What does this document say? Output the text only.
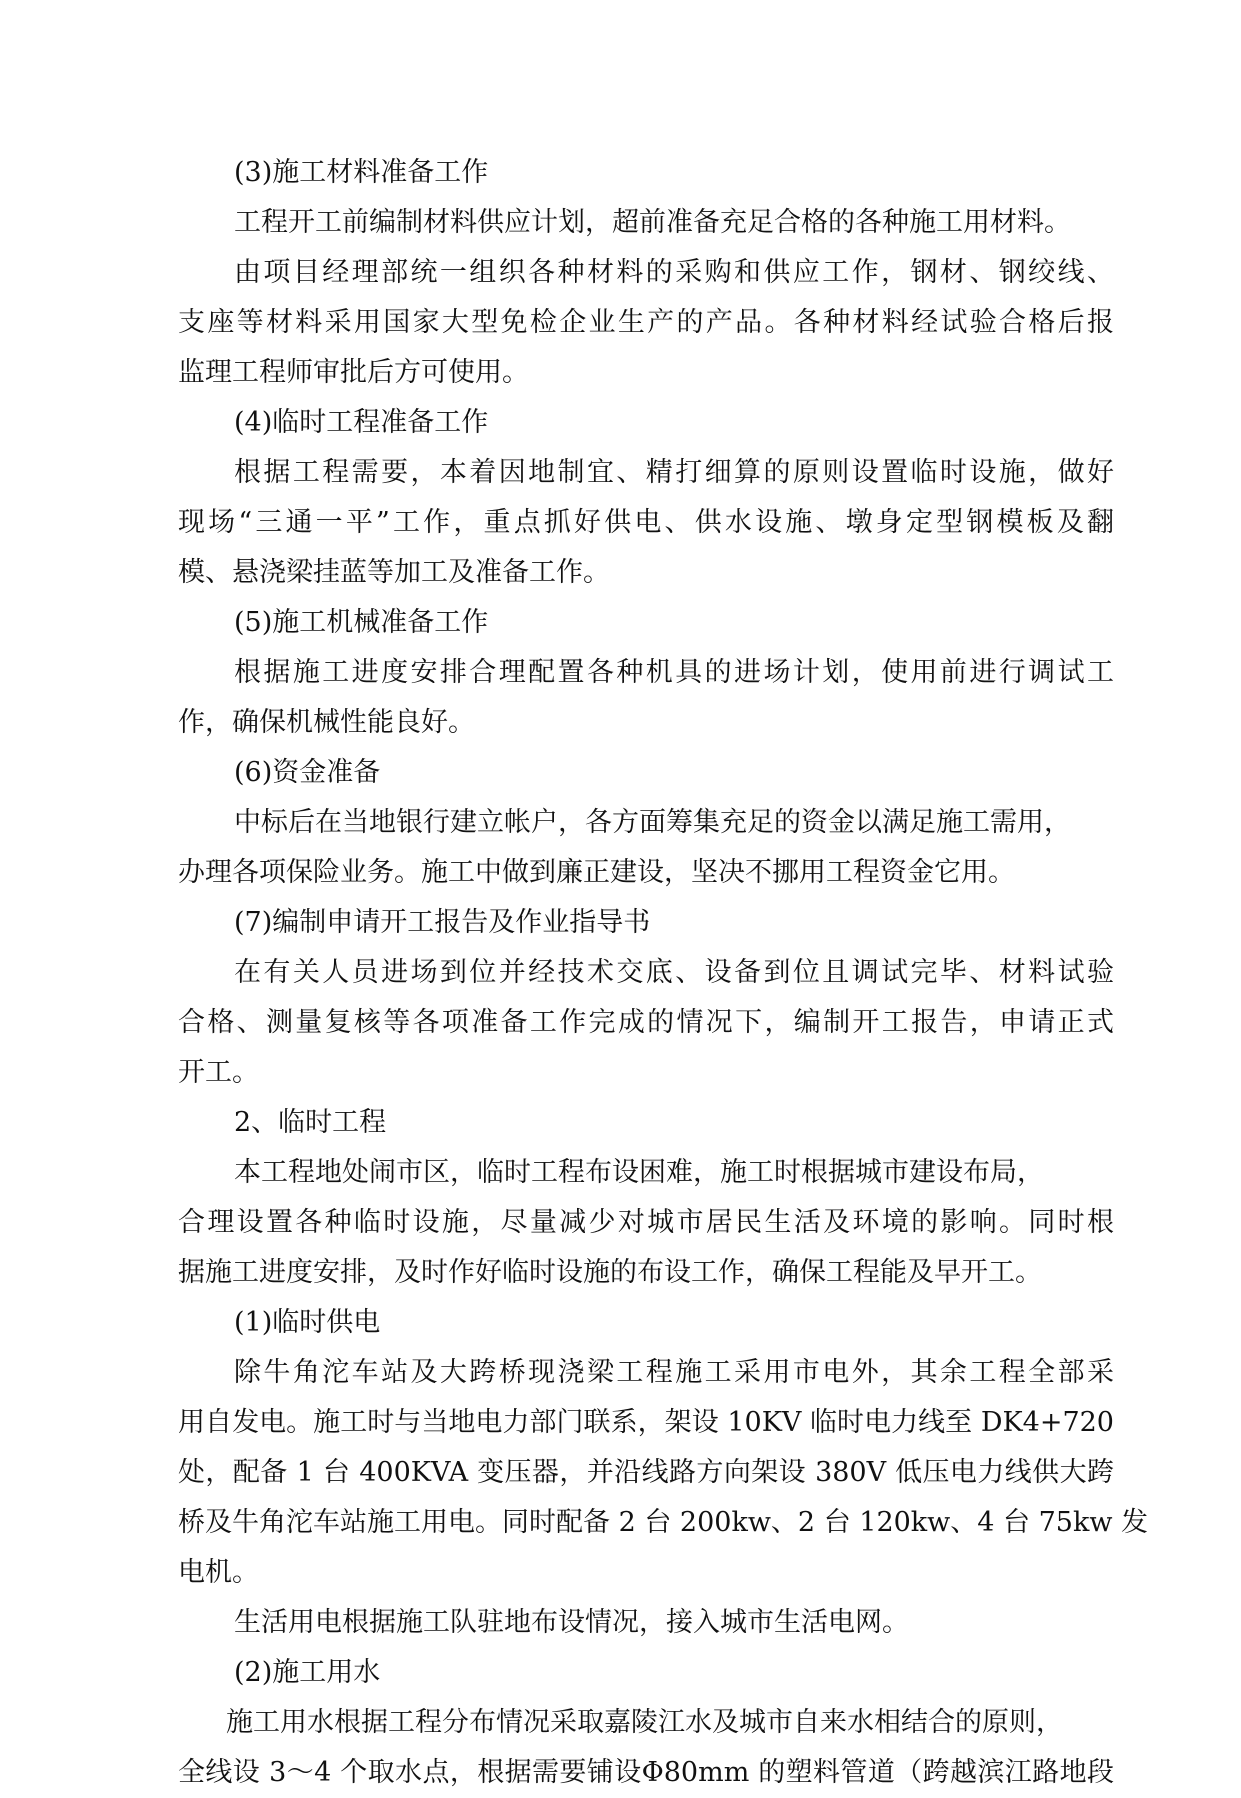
(3)施工材料准备工作
工程开工前编制材料供应计划，超前准备充足合格的各种施工用材料。
由项目经理部统一组织各种材料的采购和供应工作，钢材、钢绞线、
支座等材料采用国家大型免检企业生产的产品。各种材料经试验合格后报
监理工程师审批后方可使用。
(4)临时工程准备工作
根据工程需要，本着因地制宜、精打细算的原则设置临时设施，做好
现场“三通一平”工作，重点抓好供电、供水设施、墩身定型钢模板及翻
模、悬浇梁挂蓝等加工及准备工作。
(5)施工机械准备工作
根据施工进度安排合理配置各种机具的进场计划，使用前进行调试工
作，确保机械性能良好。
(6)资金准备
中标后在当地银行建立帐户，各方面筹集充足的资金以满足施工需用，
办理各项保险业务。施工中做到廉正建设，坚决不挪用工程资金它用。
(7)编制申请开工报告及作业指导书
在有关人员进场到位并经技术交底、设备到位且调试完毕、材料试验
合格、测量复核等各项准备工作完成的情况下，编制开工报告，申请正式
开工。
2、临时工程
本工程地处闹市区，临时工程布设困难，施工时根据城市建设布局，
合理设置各种临时设施，尽量减少对城市居民生活及环境的影响。同时根
据施工进度安排，及时作好临时设施的布设工作，确保工程能及早开工。
(1)临时供电
除牛角沱车站及大跨桥现浇梁工程施工采用市电外，其余工程全部采
用自发电。施工时与当地电力部门联系，架设 10KV 临时电力线至 DK4+720
处，配备 1 台 400KVA 变压器，并沿线路方向架设 380V 低压电力线供大跨
桥及牛角沱车站施工用电。同时配备 2 台 200kw、2 台 120kw、4 台 75kw 发
电机。
生活用电根据施工队驻地布设情况，接入城市生活电网。
(2)施工用水
施工用水根据工程分布情况采取嘉陵江水及城市自来水相结合的原则，
全线设 3～4 个取水点，根据需要铺设Φ80mm 的塑料管道（跨越滨江路地段
